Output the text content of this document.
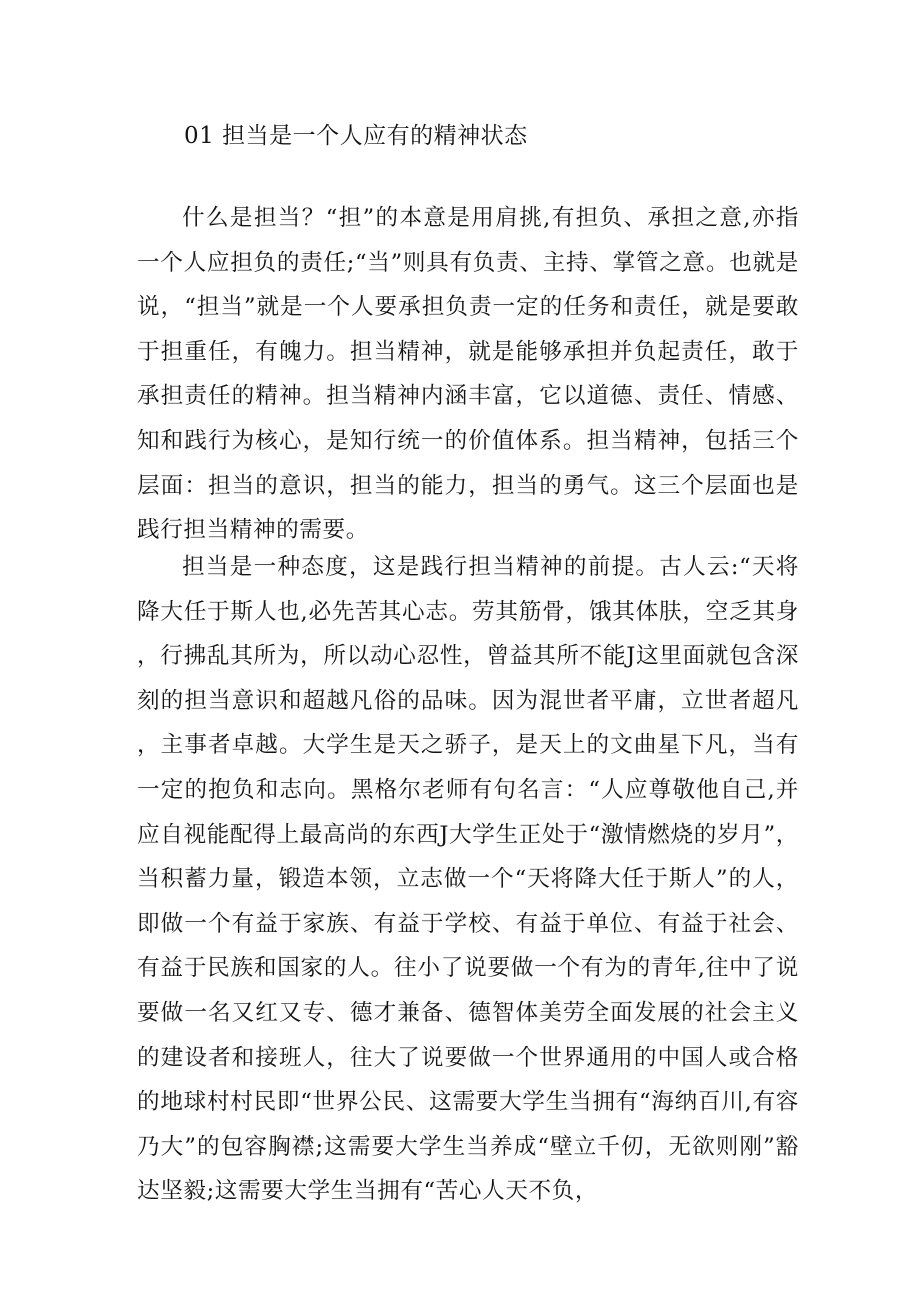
01 担当是一个人应有的精神状态

什么是担当？“担”的本意是用肩挑,有担负、承担之意,亦指一个人应担负的责任;“当”则具有负责、主持、掌管之意。也就是说，“担当”就是一个人要承担负责一定的任务和责任，就是要敢于担重任，有魄力。担当精神，就是能够承担并负起责任，敢于承担责任的精神。担当精神内涵丰富，它以道德、责任、情感、知和践行为核心，是知行统一的价值体系。担当精神，包括三个层面：担当的意识，担当的能力，担当的勇气。这三个层面也是践行担当精神的需要。

担当是一种态度，这是践行担当精神的前提。古人云:“天将降大任于斯人也,必先苦其心志。劳其筋骨，饿其体肤，空乏其身，行拂乱其所为，所以动心忍性，曾益其所不能J这里面就包含深刻的担当意识和超越凡俗的品味。因为混世者平庸，立世者超凡，主事者卓越。大学生是天之骄子，是天上的文曲星下凡，当有一定的抱负和志向。黑格尔老师有句名言：“人应尊敬他自己,并应自视能配得上最高尚的东西J大学生正处于“激情燃烧的岁月”，当积蓄力量，锻造本领，立志做一个“天将降大任于斯人”的人，即做一个有益于家族、有益于学校、有益于单位、有益于社会、有益于民族和国家的人。往小了说要做一个有为的青年,往中了说要做一名又红又专、德才兼备、德智体美劳全面发展的社会主义的建设者和接班人，往大了说要做一个世界通用的中国人或合格的地球村村民即“世界公民、这需要大学生当拥有“海纳百川,有容乃大”的包容胸襟;这需要大学生当养成“壁立千仞，无欲则刚”豁达坚毅;这需要大学生当拥有“苦心人天不负，
